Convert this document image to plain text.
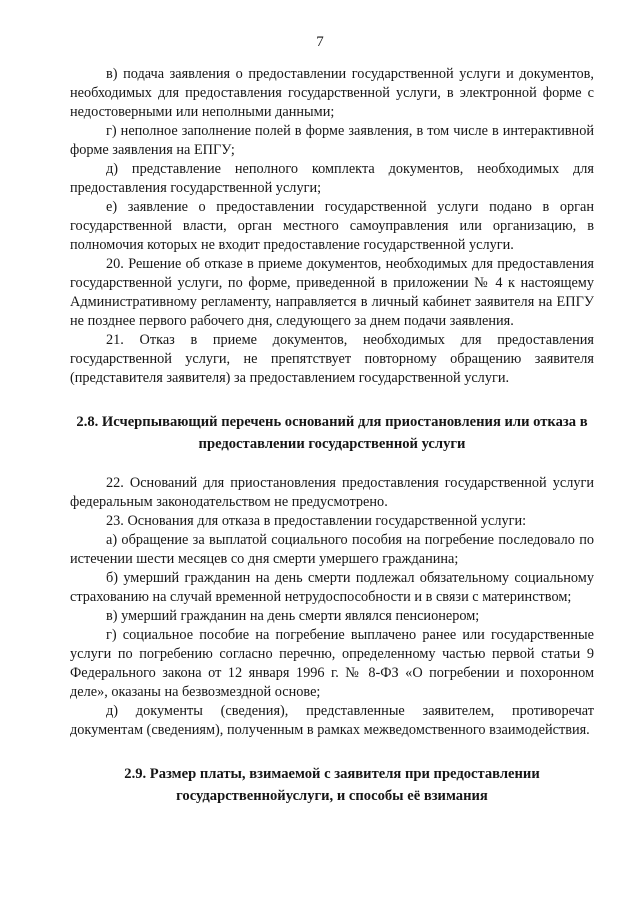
7

в) подача заявления о предоставлении государственной услуги и документов, необходимых для предоставления государственной услуги, в электронной форме с недостоверными или неполными данными;

г) неполное заполнение полей в форме заявления, в том числе в интерактивной форме заявления на ЕПГУ;

д) представление неполного комплекта документов, необходимых для предоставления государственной услуги;

е) заявление о предоставлении государственной услуги подано в орган государственной власти, орган местного самоуправления или организацию, в полномочия которых не входит предоставление государственной услуги.

20. Решение об отказе в приеме документов, необходимых для предоставления государственной услуги, по форме, приведенной в приложении № 4 к настоящему Административному регламенту, направляется в личный кабинет заявителя на ЕПГУ не позднее первого рабочего дня, следующего за днем подачи заявления.

21. Отказ в приеме документов, необходимых для предоставления государственной услуги, не препятствует повторному обращению заявителя (представителя заявителя) за предоставлением государственной услуги.

2.8. Исчерпывающий перечень оснований для приостановления или отказа в предоставлении государственной услуги

22. Оснований для приостановления предоставления государственной услуги федеральным законодательством не предусмотрено.

23. Основания для отказа в предоставлении государственной услуги:

а) обращение за выплатой социального пособия на погребение последовало по истечении шести месяцев со дня смерти умершего гражданина;

б) умерший гражданин на день смерти подлежал обязательному социальному страхованию на случай временной нетрудоспособности и в связи с материнством;

в) умерший гражданин на день смерти являлся пенсионером;

г) социальное пособие на погребение выплачено ранее или государственные услуги по погребению согласно перечню, определенному частью первой статьи 9 Федерального закона от 12 января 1996 г. № 8-ФЗ «О погребении и похоронном деле», оказаны на безвозмездной основе;

д) документы (сведения), представленные заявителем, противоречат документам (сведениям), полученным в рамках межведомственного взаимодействия.

2.9. Размер платы, взимаемой с заявителя при предоставлении государственнойуслуги, и способы её взимания
